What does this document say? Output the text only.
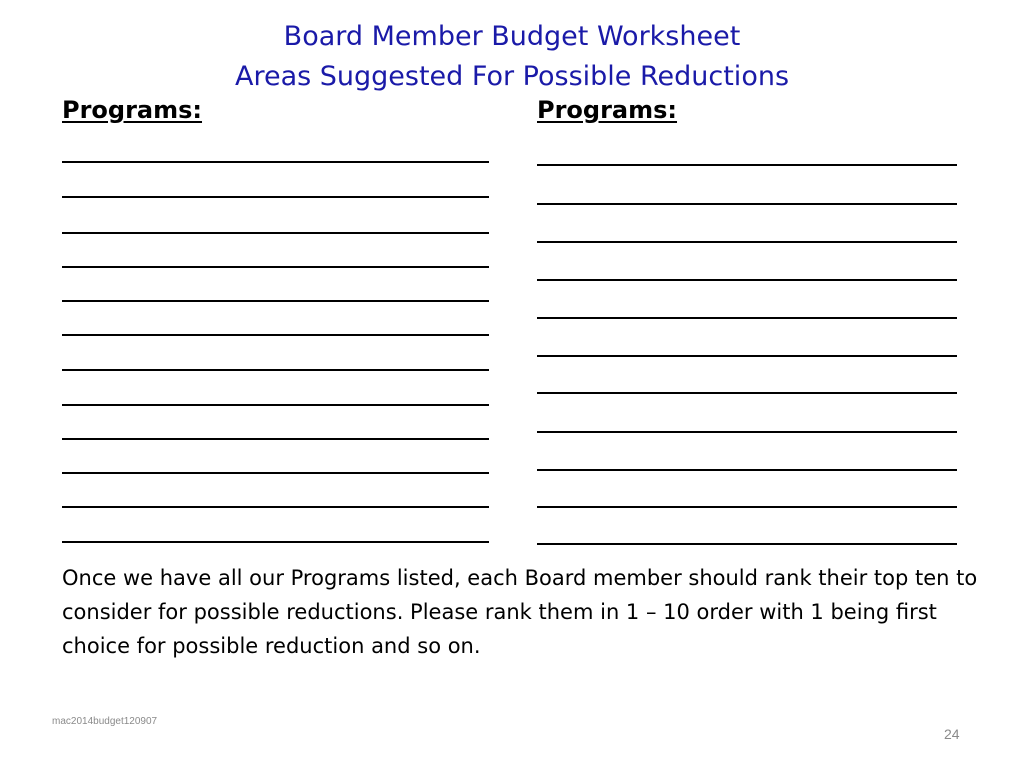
Board Member Budget Worksheet
Areas Suggested For Possible Reductions
Programs:	Programs:
Once we have all our Programs listed, each Board member should rank their top ten to consider for possible reductions. Please rank them in 1 – 10 order with 1 being first choice for possible reduction and so on.
mac2014budget120907
24
